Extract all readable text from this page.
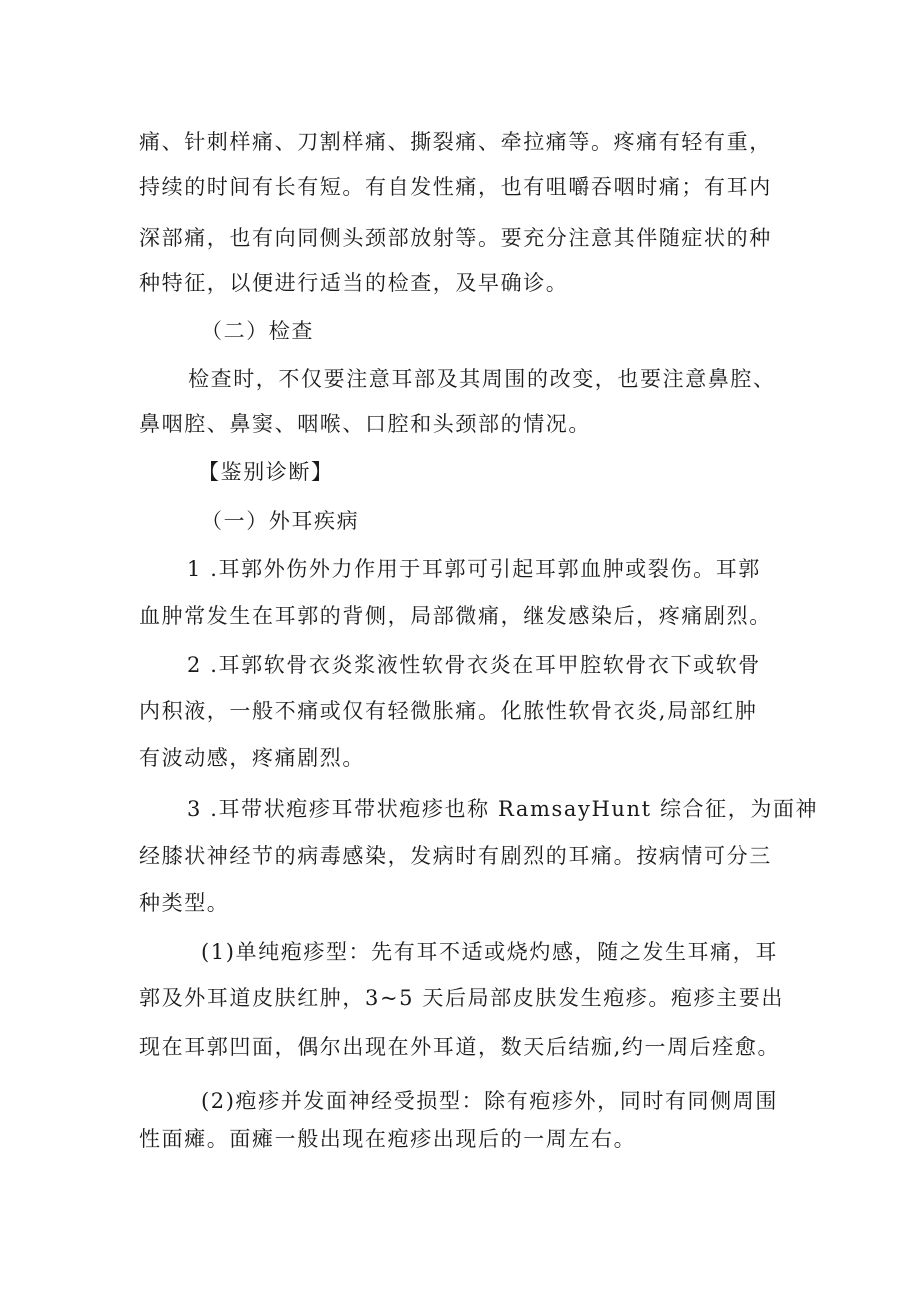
痛、针刺样痛、刀割样痛、撕裂痛、牵拉痛等。疼痛有轻有重，
持续的时间有长有短。有自发性痛，也有咀嚼吞咽时痛；有耳内
深部痛，也有向同侧头颈部放射等。要充分注意其伴随症状的种
种特征，以便进行适当的检查，及早确诊。
（二）检查
检查时，不仅要注意耳部及其周围的改变，也要注意鼻腔、
鼻咽腔、鼻窦、咽喉、口腔和头颈部的情况。
【鉴别诊断】
（一）外耳疾病
1 .耳郭外伤外力作用于耳郭可引起耳郭血肿或裂伤。耳郭
血肿常发生在耳郭的背侧，局部微痛，继发感染后，疼痛剧烈。
2 .耳郭软骨衣炎浆液性软骨衣炎在耳甲腔软骨衣下或软骨
内积液，一般不痛或仅有轻微胀痛。化脓性软骨衣炎,局部红肿
有波动感，疼痛剧烈。
3 .耳带状疱疹耳带状疱疹也称 RamsayHunt 综合征，为面神
经膝状神经节的病毒感染，发病时有剧烈的耳痛。按病情可分三
种类型。
(1)单纯疱疹型：先有耳不适或烧灼感，随之发生耳痛，耳
郭及外耳道皮肤红肿，3~5 天后局部皮肤发生疱疹。疱疹主要出
现在耳郭凹面，偶尔出现在外耳道，数天后结痂,约一周后痊愈。
(2)疱疹并发面神经受损型：除有疱疹外，同时有同侧周围
性面瘫。面瘫一般出现在疱疹出现后的一周左右。
